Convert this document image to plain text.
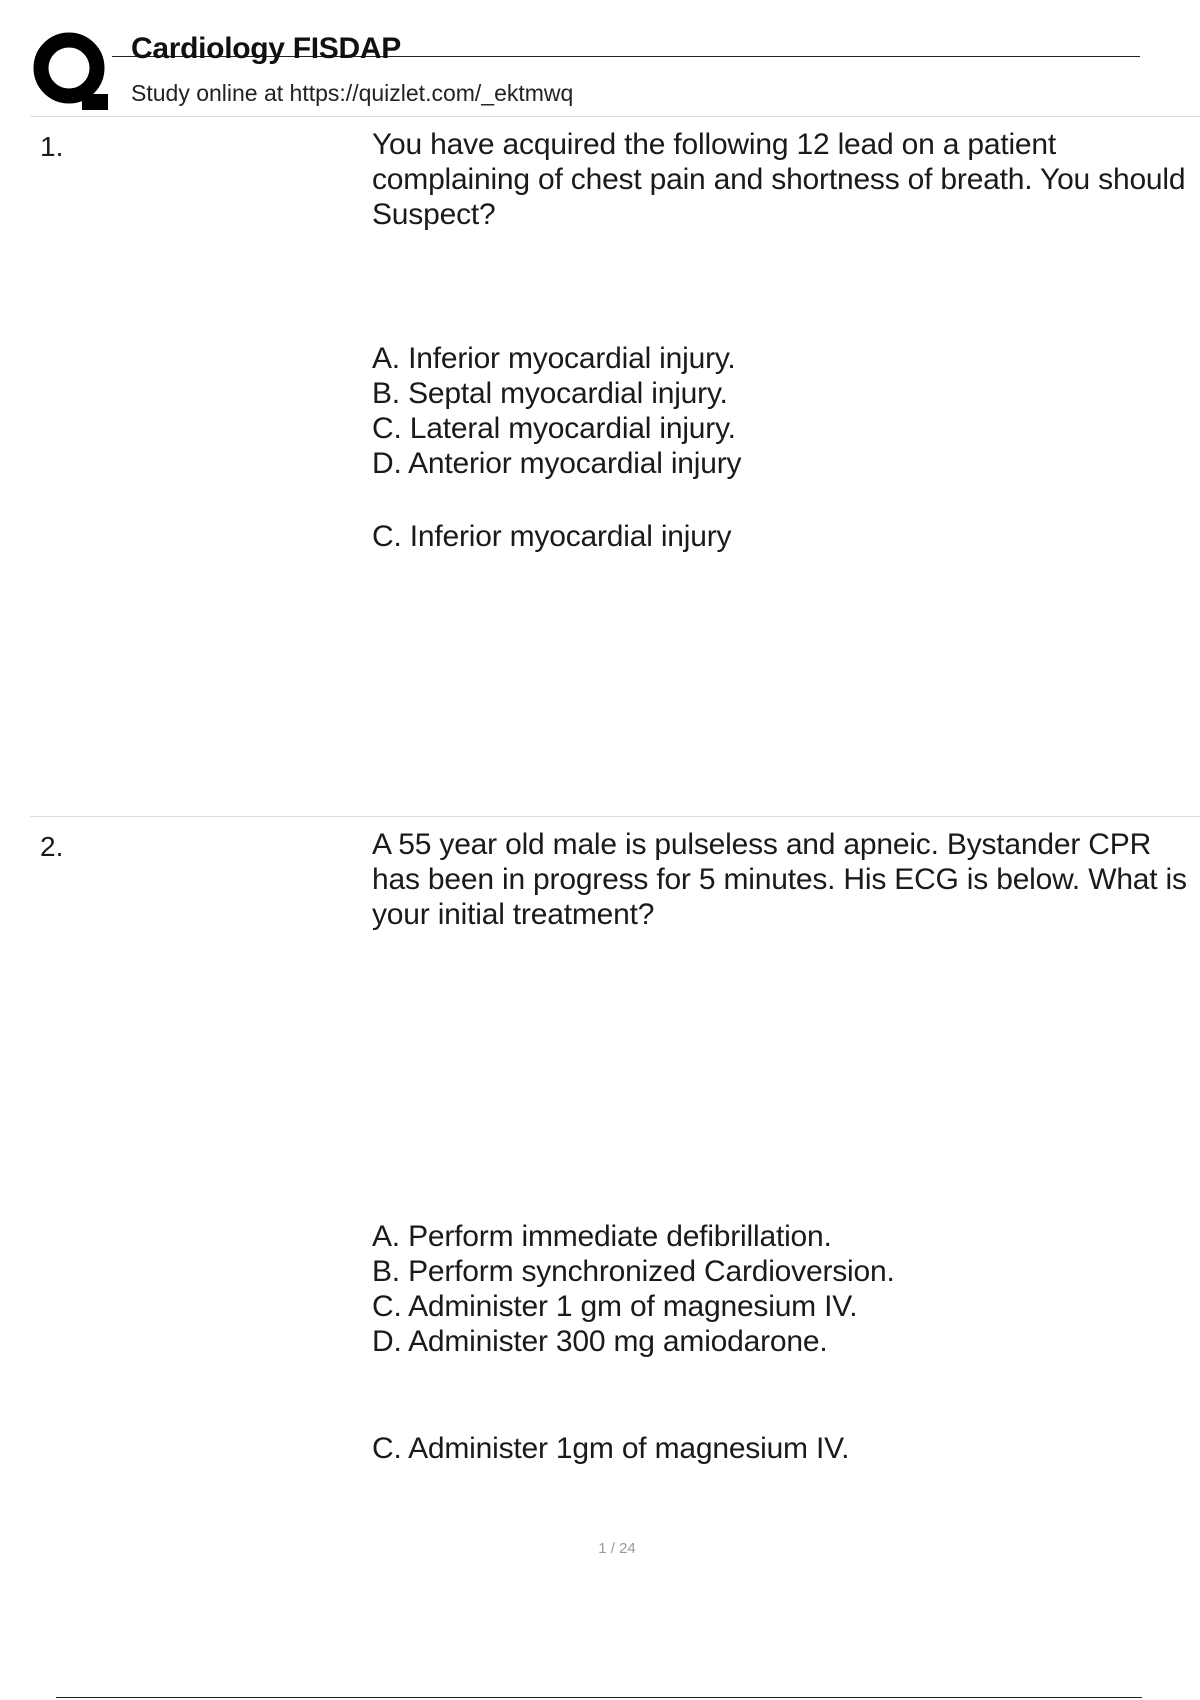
Cardiology FISDAP
Study online at https://quizlet.com/_ektmwq
1.	You have acquired the following 12 lead on a patient complaining of chest pain and shortness of breath. You should Suspect?
A. Inferior myocardial injury.
B. Septal myocardial injury.
C. Lateral myocardial injury.
D. Anterior myocardial injury
C. Inferior myocardial injury
2.	A 55 year old male is pulseless and apneic. Bystander CPR has been in progress for 5 minutes. His ECG is below. What is your initial treatment?
A. Perform immediate defibrillation.
B. Perform synchronized Cardioversion.
C. Administer 1 gm of magnesium IV.
D. Administer 300 mg amiodarone.
C. Administer 1gm of magnesium IV.
1 / 24
